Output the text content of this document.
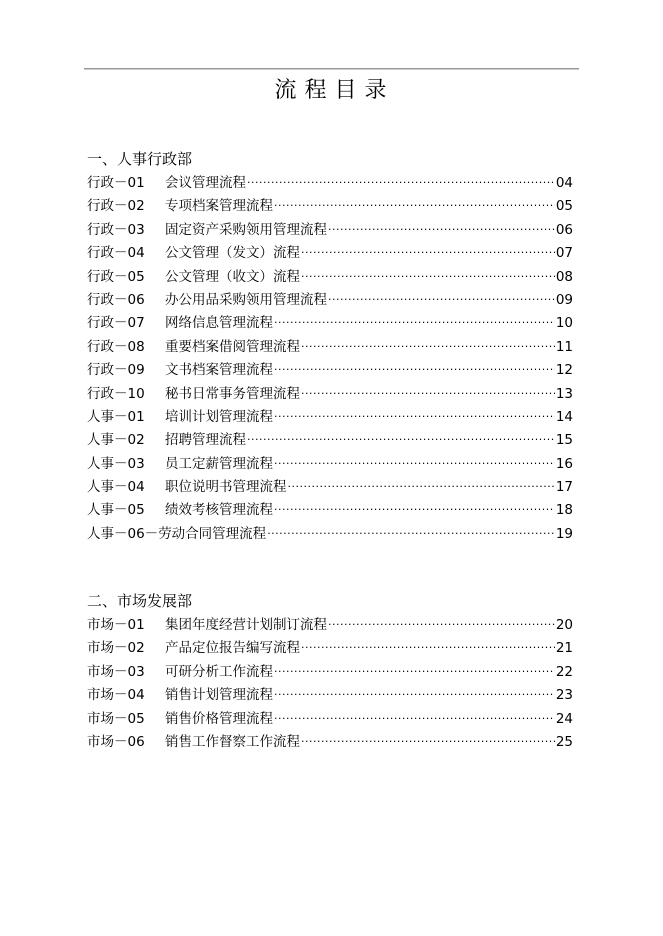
流程目录
一、人事行政部
行政－01	会议管理流程 ·····	04
行政－02	专项档案管理流程 ·····	05
行政－03	固定资产采购领用管理流程 ·····	06
行政－04	公文管理（发文）流程 ·····	07
行政－05	公文管理（收文）流程 ·····	08
行政－06	办公用品采购领用管理流程 ·····	09
行政－07	网络信息管理流程 ·····	10
行政－08	重要档案借阅管理流程 ·····	11
行政－09	文书档案管理流程 ·····	12
行政－10	秘书日常事务管理流程 ·····	13
人事－01	培训计划管理流程 ·····	14
人事－02	招聘管理流程 ·····	15
人事－03	员工定薪管理流程 ·····	16
人事－04	职位说明书管理流程 ·····	17
人事－05	绩效考核管理流程 ·····	18
人事－06－ 劳动合同管理流程 ·····	19
二、市场发展部
市场－01	集团年度经营计划制订流程 ·····	20
市场－02	产品定位报告编写流程 ·····	21
市场－03	可研分析工作流程 ·····	22
市场－04	销售计划管理流程 ·····	23
市场－05	销售价格管理流程 ·····	24
市场－06	销售工作督察工作流程 ·····	25
